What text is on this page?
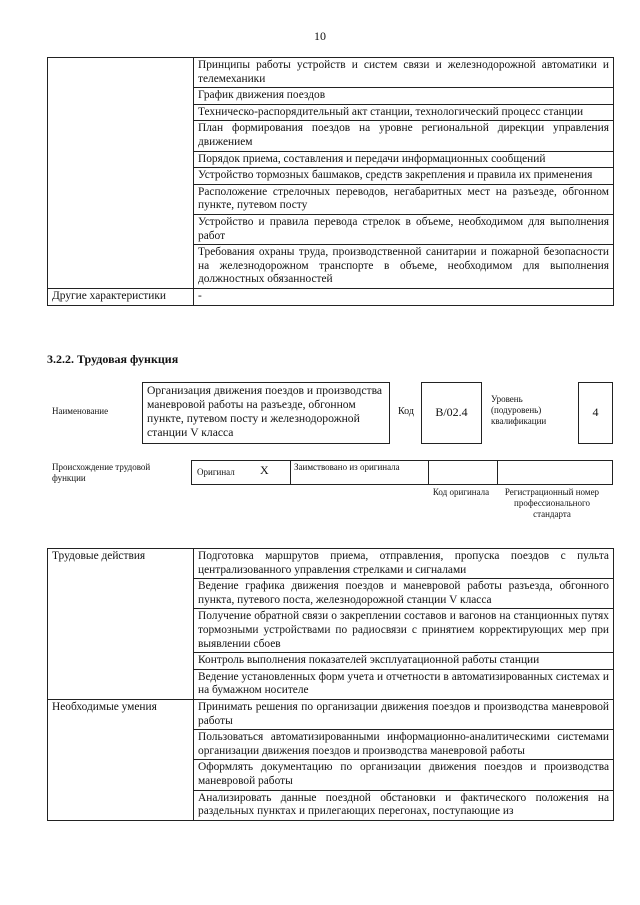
10
	Принципы работы устройств и систем связи и железнодорожной автоматики и телемеханики
	График движения поездов
	Техническо-распорядительный акт станции, технологический процесс станции
	План формирования поездов на уровне региональной дирекции управления движением
	Порядок приема, составления и передачи информационных сообщений
	Устройство тормозных башмаков, средств закрепления и правила их применения
	Расположение стрелочных переводов, негабаритных мест на разъезде, обгонном пункте, путевом посту
	Устройство и правила перевода стрелок в объеме, необходимом для выполнения работ
	Требования охраны труда, производственной санитарии и пожарной безопасности на железнодорожном транспорте в объеме, необходимом для выполнения должностных обязанностей
Другие характеристики	-
3.2.2. Трудовая функция
Наименование
Организация движения поездов и производства маневровой работы на разъезде, обгонном пункте, путевом посту и железнодорожной станции V класса
Код	В/02.4
Уровень (подуровень) квалификации
4
Происхождение трудовой функции
Оригинал X	Заимствовано из оригинала
Код оригинала	Регистрационный номер профессионального стандарта
Трудовые действия	Подготовка маршрутов приема, отправления, пропуска поездов с пульта централизованного управления стрелками и сигналами
	Ведение графика движения поездов и маневровой работы разъезда, обгонного пункта, путевого поста, железнодорожной станции V класса
	Получение обратной связи о закреплении составов и вагонов на станционных путях тормозными устройствами по радиосвязи с принятием корректирующих мер при выявлении сбоев
	Контроль выполнения показателей эксплуатационной работы станции
	Ведение установленных форм учета и отчетности в автоматизированных системах и на бумажном носителе
Необходимые умения	Принимать решения по организации движения поездов и производства маневровой работы
	Пользоваться автоматизированными информационно-аналитическими системами организации движения поездов и производства маневровой работы
	Оформлять документацию по организации движения поездов и производства маневровой работы
	Анализировать данные поездной обстановки и фактического положения на раздельных пунктах и прилегающих перегонах, поступающие из
